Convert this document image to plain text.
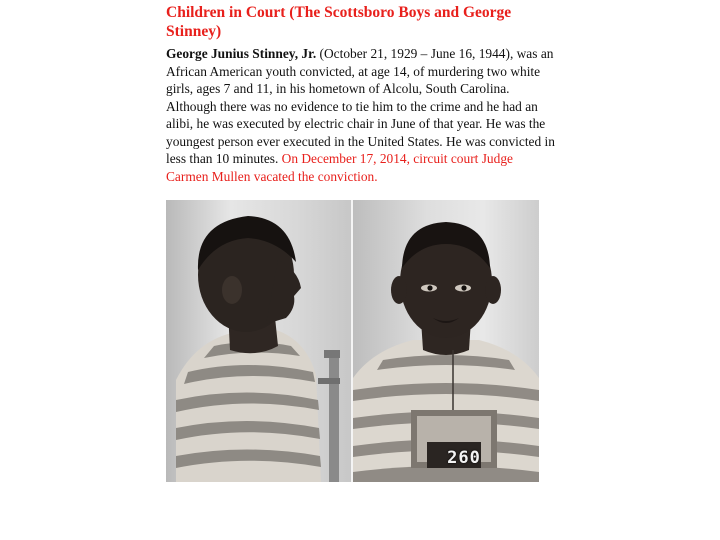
Children in Court (The Scottsboro Boys and George Stinney)
George Junius Stinney, Jr. (October 21, 1929 – June 16, 1944), was an African American youth convicted, at age 14, of murdering two white girls, ages 7 and 11, in his hometown of Alcolu, South Carolina. Although there was no evidence to tie him to the crime and he had an alibi, he was executed by electric chair in June of that year. He was the youngest person ever executed in the United States. He was convicted in less than 10 minutes. On December 17, 2014, circuit court Judge Carmen Mullen vacated the conviction.
260
